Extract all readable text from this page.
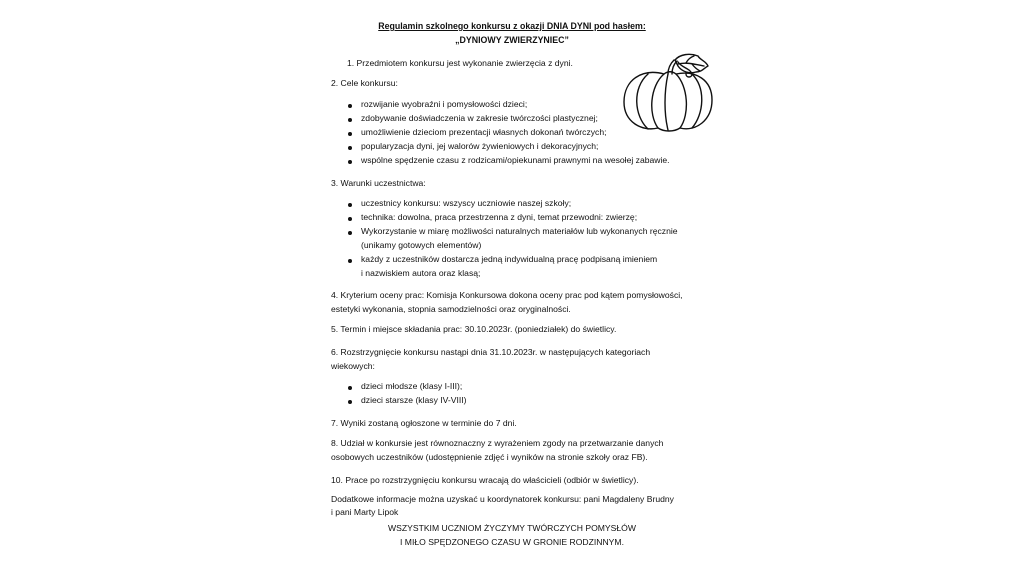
Regulamin szkolnego konkursu z okazji DNIA DYNI pod hasłem:
„DYNIOWY ZWIERZYNIEC”
1. Przedmiotem konkursu jest wykonanie zwierzęcia z dyni.
2. Cele konkursu:
rozwijanie wyobraźni i pomysłowości dzieci;
zdobywanie doświadczenia w zakresie twórczości plastycznej;
umożliwienie dzieciom prezentacji własnych dokonań twórczych;
popularyzacja dyni, jej walorów żywieniowych i dekoracyjnych;
wspólne spędzenie czasu z rodzicami/opiekunami prawnymi na wesołej zabawie.
3. Warunki uczestnictwa:
uczestnicy konkursu: wszyscy uczniowie naszej szkoły;
technika: dowolna, praca przestrzenna z dyni, temat przewodni: zwierzę;
Wykorzystanie w miarę możliwości naturalnych materiałów lub wykonanych ręcznie
(unikamy gotowych elementów)
każdy z uczestników dostarcza jedną indywidualną pracę podpisaną imieniem
i nazwiskiem autora oraz klasą;
4. Kryterium oceny prac: Komisja Konkursowa dokona oceny prac pod kątem pomysłowości,
estetyki wykonania, stopnia samodzielności oraz oryginalności.
5. Termin i miejsce składania prac: 30.10.2023r. (poniedziałek) do świetlicy.
6. Rozstrzygnięcie konkursu nastąpi dnia 31.10.2023r. w następujących kategoriach
wiekowych:
dzieci młodsze (klasy I-III);
dzieci starsze (klasy IV-VIII)
7. Wyniki zostaną ogłoszone w terminie do 7 dni.
8. Udział w konkursie jest równoznaczny z wyrażeniem zgody na przetwarzanie danych
osobowych uczestników (udostępnienie zdjęć i wyników na stronie szkoły oraz FB).
10. Prace po rozstrzygnięciu konkursu wracają do właścicieli (odbiór w świetlicy).
Dodatkowe informacje można uzyskać u koordynatorek konkursu: pani Magdaleny Brudny
i pani Marty Lipok
WSZYSTKIM UCZNIOM ŻYCZYMY TWÓRCZYCH POMYSŁÓW
I MIŁO SPĘDZONEGO CZASU W GRONIE RODZINNYM.
